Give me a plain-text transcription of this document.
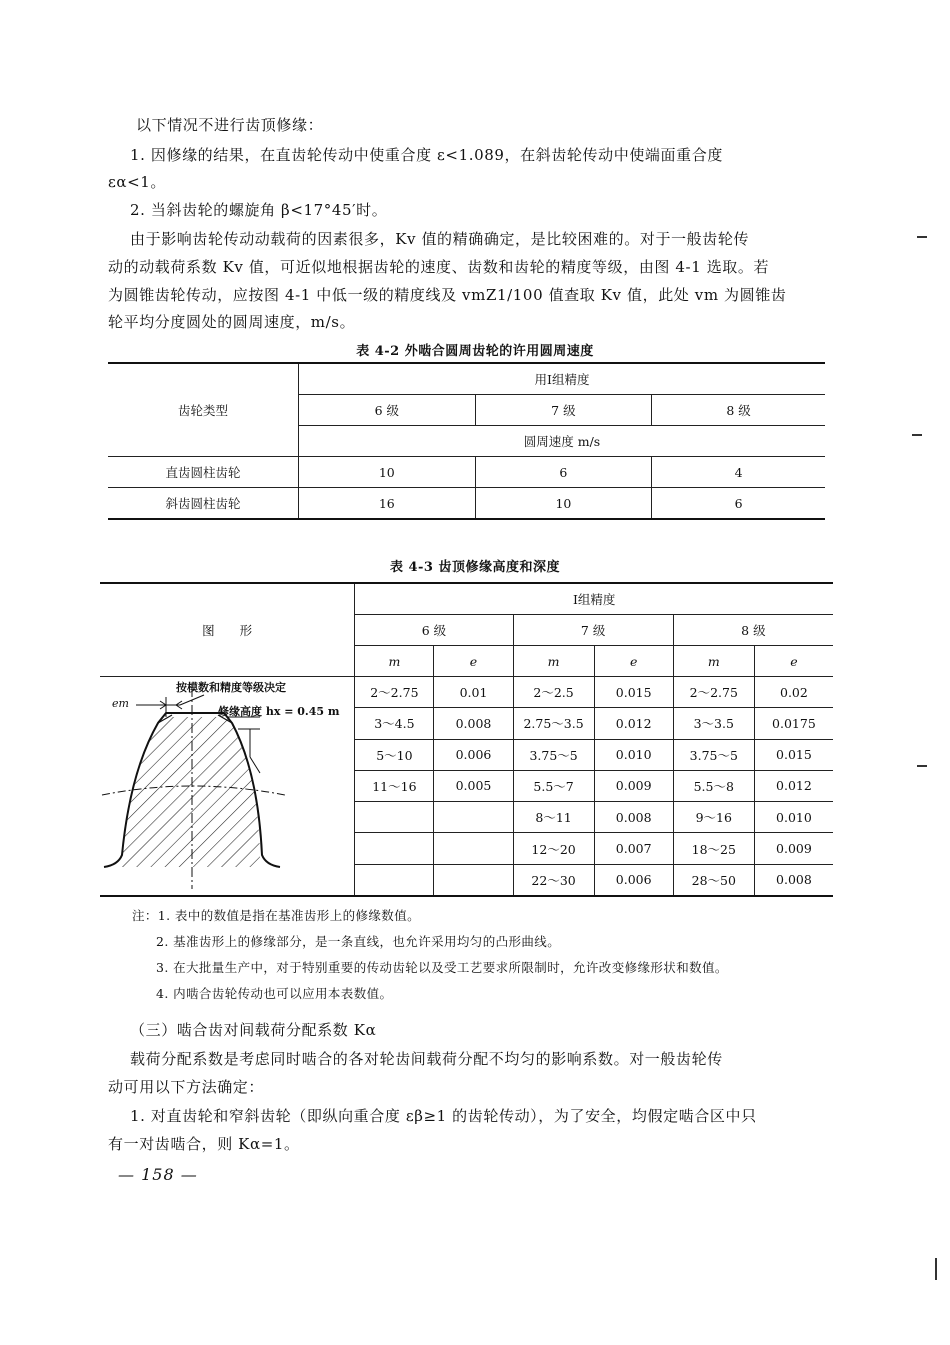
以下情况不进行齿顶修缘：
1. 因修缘的结果，在直齿轮传动中使重合度 ε<1.089，在斜齿轮传动中使端面重合度
εα<1。
2. 当斜齿轮的螺旋角 β<17°45′时。
由于影响齿轮传动动载荷的因素很多，Kv 值的精确确定，是比较困难的。对于一般齿轮传
动的动载荷系数 Kv 值，可近似地根据齿轮的速度、齿数和齿轮的精度等级，由图 4-1 选取。若
为圆锥齿轮传动，应按图 4-1 中低一级的精度线及 vmZ1/100 值查取 Kv 值，此处 vm 为圆锥齿
轮平均分度圆处的圆周速度，m/s。
表 4-2 外啮合圆周齿轮的许用圆周速度
齿轮类型	用Ⅰ组精度		
	6 级	7 级	8 级
	圆周速度 m/s		
直齿圆柱齿轮	10	6	4
斜齿圆柱齿轮	16	10	6
表 4-3 齿顶修缘高度和深度
图　　形	Ⅰ组精度					
	6 级		7 级		8 级	
	m	e	m	e	m	e

按模数和精度等级决定
修缘高度 hx = 0.45 m
em	2～2.75	0.01	2～2.5	0.015	2～2.75	0.02
	3～4.5	0.008	2.75～3.5	0.012	3～3.5	0.0175
	5～10	0.006	3.75～5	0.010	3.75～5	0.015
	11～16	0.005	5.5～7	0.009	5.5～8	0.012
			8～11	0.008	9～16	0.010
			12～20	0.007	18～25	0.009
			22～30	0.006	28～50	0.008
注：1. 表中的数值是指在基准齿形上的修缘数值。
2. 基准齿形上的修缘部分，是一条直线，也允许采用均匀的凸形曲线。
3. 在大批量生产中，对于特别重要的传动齿轮以及受工艺要求所限制时，允许改变修缘形状和数值。
4. 内啮合齿轮传动也可以应用本表数值。
（三）啮合齿对间载荷分配系数 Kα
载荷分配系数是考虑同时啮合的各对轮齿间载荷分配不均匀的影响系数。对一般齿轮传
动可用以下方法确定：
1. 对直齿轮和窄斜齿轮（即纵向重合度 εβ≥1 的齿轮传动），为了安全，均假定啮合区中只
有一对齿啮合，则 Kα=1。
— 158 —
